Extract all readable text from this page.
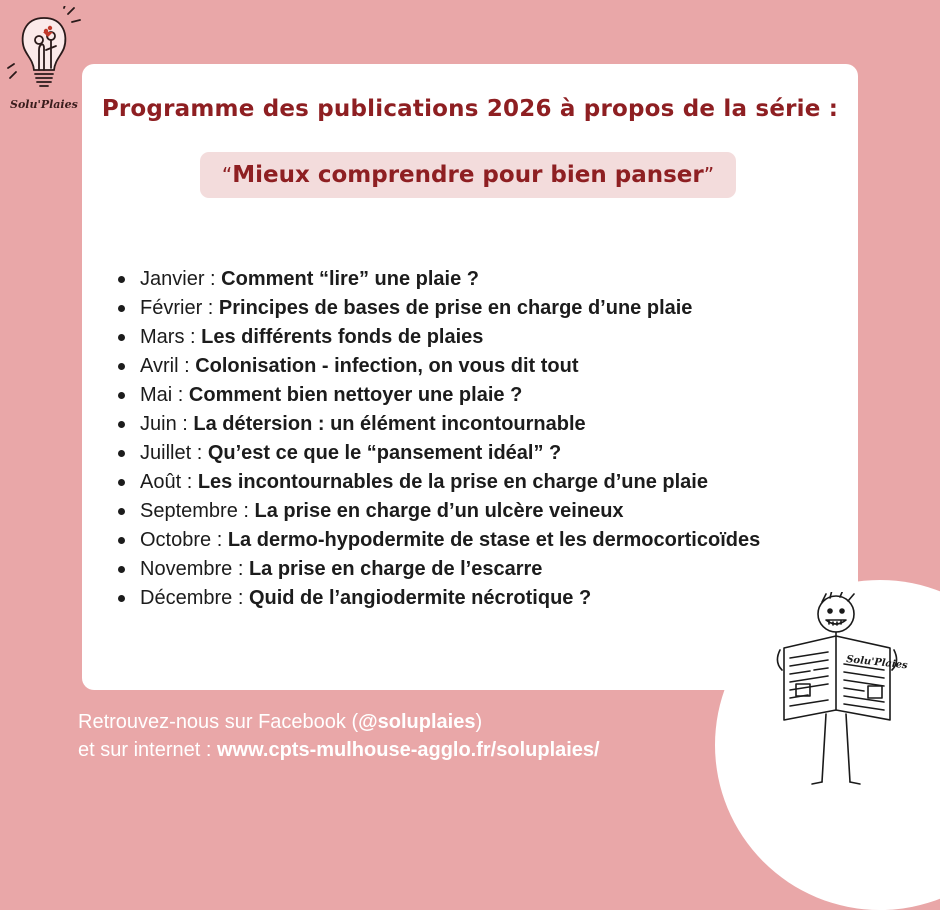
Solu'Plaies	Programme des publications 2026 à propos de la série :
“ Mieux comprendre pour bien panser ”
Janvier : Comment “lire” une plaie ?
Février : Principes de bases de prise en charge d’une plaie
Mars : Les différents fonds de plaies
Avril : Colonisation - infection, on vous dit tout
Mai : Comment bien nettoyer une plaie ?
Juin : La détersion : un élément incontournable
Juillet : Qu’est ce que le “pansement idéal” ?
Août : Les incontournables de la prise en charge d’une plaie
Septembre : La prise en charge d’un ulcère veineux
Octobre : La dermo-hypodermite de stase et les dermocorticoïdes
Novembre : La prise en charge de l’escarre
Décembre : Quid de l’angiodermite nécrotique ?
Retrouvez-nous sur Facebook (@soluplaies)
et sur internet : www.cpts-mulhouse-agglo.fr/soluplaies/
Solu'Plaies
